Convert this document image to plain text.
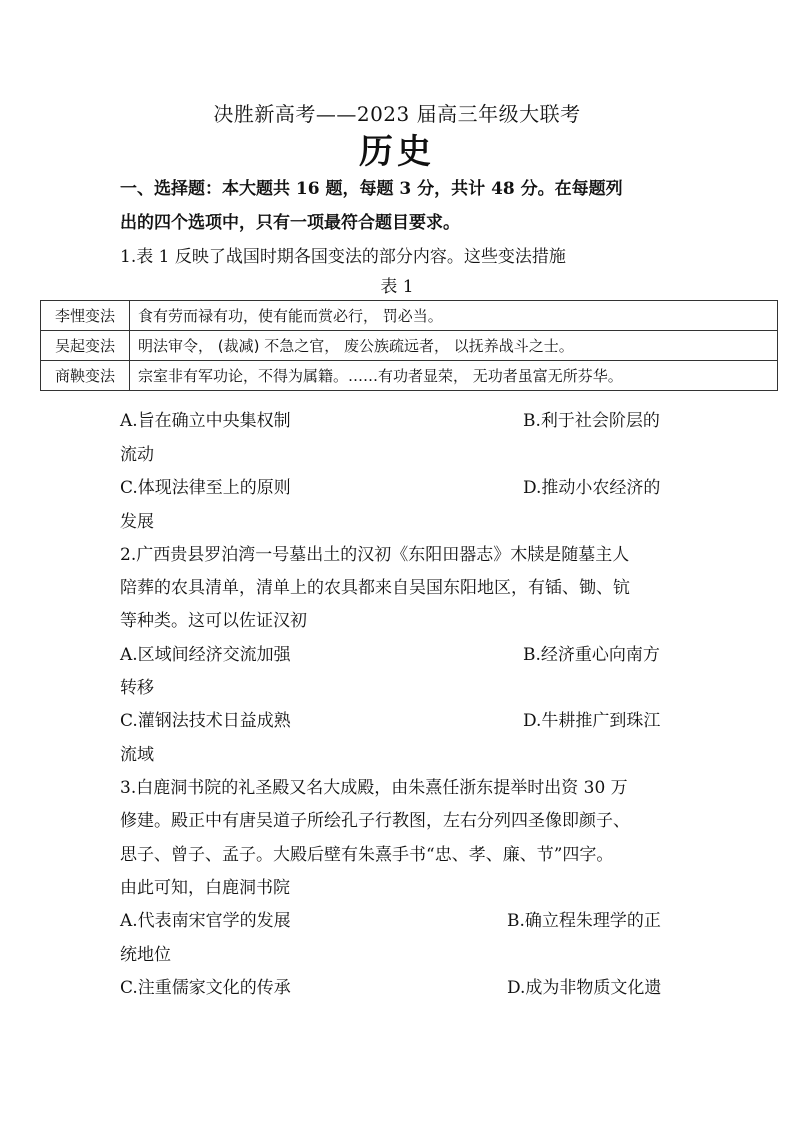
决胜新高考——2023 届高三年级大联考
历史
一、选择题：本大题共 16 题，每题 3 分，共计 48 分。在每题列
出的四个选项中，只有一项最符合题目要求。
1.表 1 反映了战国时期各国变法的部分内容。这些变法措施
表 1
李悝变法	食有劳而禄有功，使有能而赏必行， 罚必当。
吴起变法	明法审令， (裁减) 不急之官， 废公族疏远者， 以抚养战斗之士。
商鞅变法	宗室非有军功论，不得为属籍。……有功者显荣， 无功者虽富无所芬华。
A.旨在确立中央集权制	B.利于社会阶层的
流动
C.体现法律至上的原则	D.推动小农经济的
发展
2.广西贵县罗泊湾一号墓出土的汉初《东阳田器志》木牍是随墓主人
陪葬的农具清单，清单上的农具都来自吴国东阳地区，有锸、锄、钪
等种类。这可以佐证汉初
A.区域间经济交流加强	B.经济重心向南方
转移
C.灌钢法技术日益成熟	D.牛耕推广到珠江
流域
3.白鹿洞书院的礼圣殿又名大成殿，由朱熹任浙东提举时出资 30 万
修建。殿正中有唐吴道子所绘孔子行教图，左右分列四圣像即颜子、
思子、曾子、孟子。大殿后壁有朱熹手书“忠、孝、廉、节”四字。
由此可知，白鹿洞书院
A.代表南宋官学的发展	B.确立程朱理学的正
统地位
C.注重儒家文化的传承	D.成为非物质文化遗
